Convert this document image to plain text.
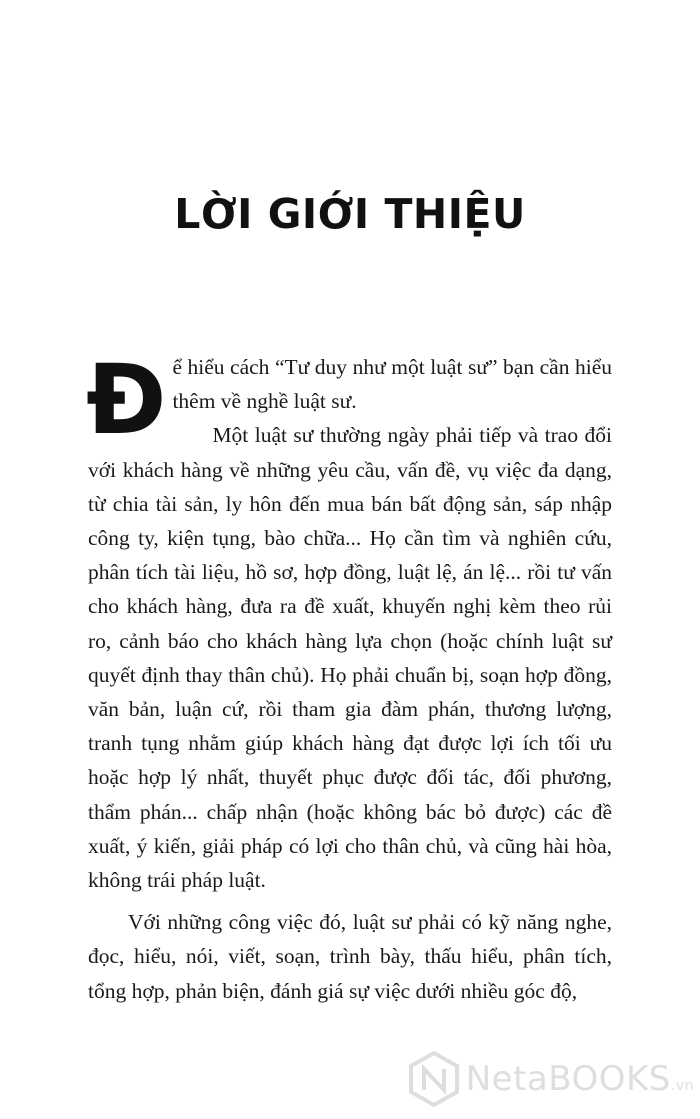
LỜI GIỚI THIỆU

Để hiểu cách “Tư duy như một luật sư” bạn cần hiểu thêm về nghề luật sư.

Một luật sư thường ngày phải tiếp và trao đổi với khách hàng về những yêu cầu, vấn đề, vụ việc đa dạng, từ chia tài sản, ly hôn đến mua bán bất động sản, sáp nhập công ty, kiện tụng, bào chữa... Họ cần tìm và nghiên cứu, phân tích tài liệu, hồ sơ, hợp đồng, luật lệ, án lệ... rồi tư vấn cho khách hàng, đưa ra đề xuất, khuyến nghị kèm theo rủi ro, cảnh báo cho khách hàng lựa chọn (hoặc chính luật sư quyết định thay thân chủ). Họ phải chuẩn bị, soạn hợp đồng, văn bản, luận cứ, rồi tham gia đàm phán, thương lượng, tranh tụng nhằm giúp khách hàng đạt được lợi ích tối ưu hoặc hợp lý nhất, thuyết phục được đối tác, đối phương, thẩm phán... chấp nhận (hoặc không bác bỏ được) các đề xuất, ý kiến, giải pháp có lợi cho thân chủ, và cũng hài hòa, không trái pháp luật.

Với những công việc đó, luật sư phải có kỹ năng nghe, đọc, hiểu, nói, viết, soạn, trình bày, thấu hiểu, phân tích, tổng hợp, phản biện, đánh giá sự việc dưới nhiều góc độ,

NetaBOOKS.vn
